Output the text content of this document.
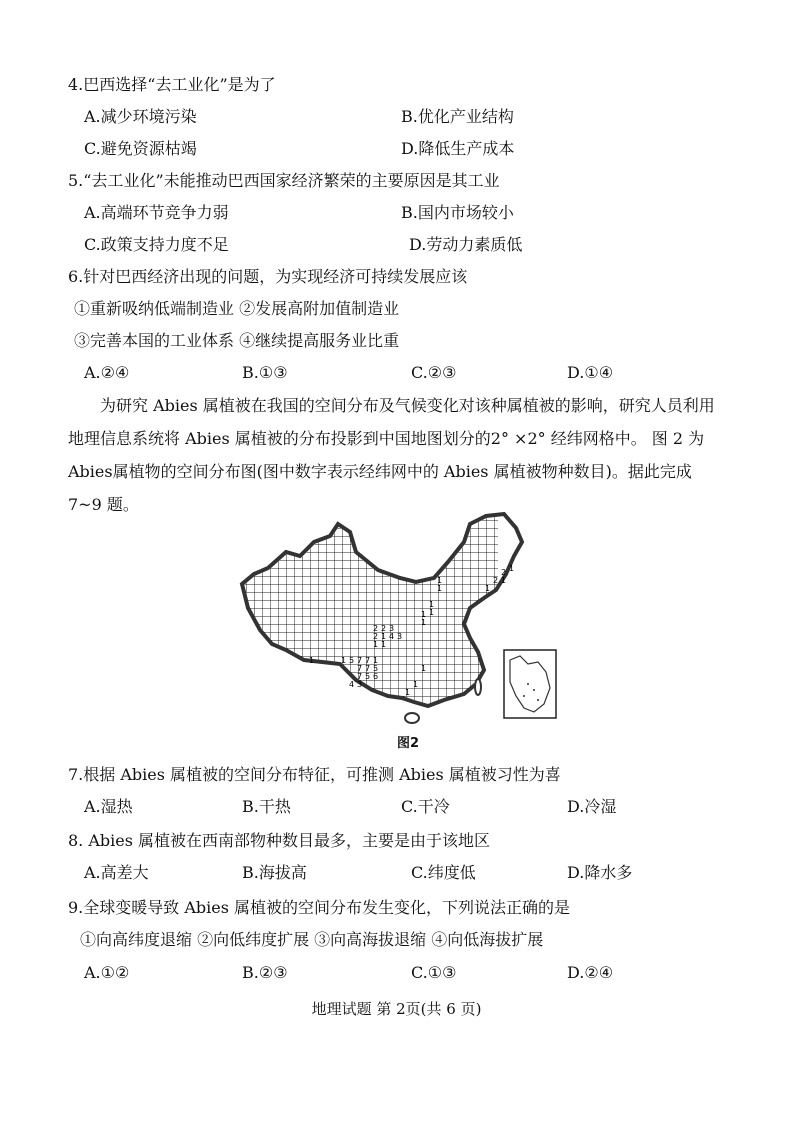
4.巴西选择“去工业化”是为了
A.减少环境污染	B.优化产业结构
C.避免资源枯竭	D.降低生产成本
5.“去工业化”未能推动巴西国家经济繁荣的主要原因是其工业
A.高端环节竞争力弱	B.国内市场较小
C.政策支持力度不足	D.劳动力素质低
6.针对巴西经济出现的问题，为实现经济可持续发展应该
①重新吸纳低端制造业 ②发展高附加值制造业
③完善本国的工业体系 ④继续提高服务业比重
A.②④	B.①③	C.②③	D.①④
为研究 Abies 属植被在我国的空间分布及气候变化对该种属植被的影响，研究人员利用地理信息系统将 Abies 属植被的分布投影到中国地图划分的2° ×2° 经纬网格中。 图 2 为 Abies属植物的空间分布图(图中数字表示经纬网中的 Abies 属植被物种数目)。据此完成 7~9 题。
2 1
2 1
1
1
1
1
1
1
1
3
2
2
2 1 4 3
1 1
5 7 7 1
7 7 5
1
1
7 5 6
1
4 3	1
1
图2
7.根据 Abies 属植被的空间分布特征，可推测 Abies 属植被习性为喜
A.湿热	B.干热	C.干冷	D.冷湿
8. Abies 属植被在西南部物种数目最多，主要是由于该地区
A.高差大	B.海拔高	C.纬度低	D.降水多
9.全球变暖导致 Abies 属植被的空间分布发生变化，下列说法正确的是
①向高纬度退缩 ②向低纬度扩展 ③向高海拔退缩 ④向低海拔扩展
A.①②	B.②③	C.①③	D.②④
地理试题 第 2页(共 6 页)
